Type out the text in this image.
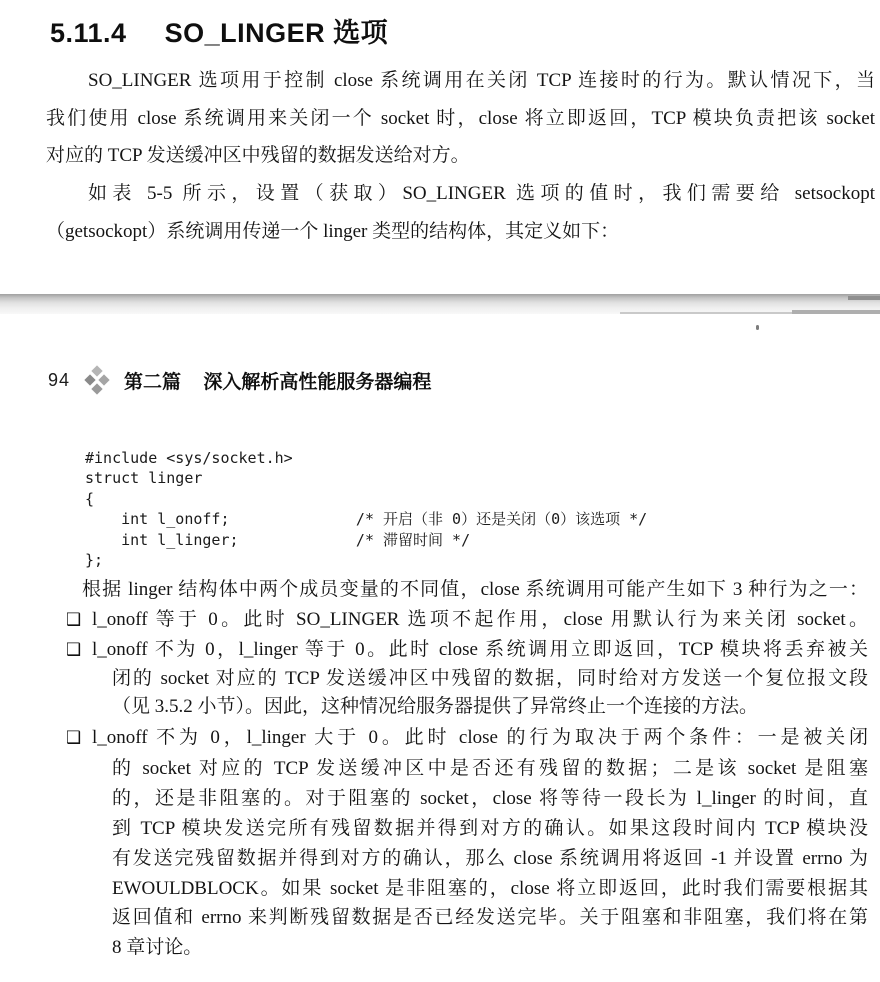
5.11.4 SO_LINGER 选项
SO_LINGER 选项用于控制 close 系统调用在关闭 TCP 连接时的行为。默认情况下，当
我们使用 close 系统调用来关闭一个 socket 时，close 将立即返回，TCP 模块负责把该 socket
对应的 TCP 发送缓冲区中残留的数据发送给对方。
如表 5-5 所示，设置（获取）SO_LINGER 选项的值时，我们需要给 setsockopt
（getsockopt）系统调用传递一个 linger 类型的结构体，其定义如下：
94	第二篇 深入解析高性能服务器编程
#include <sys/socket.h>
struct linger
{
int l_onoff;              /* 开启（非 0）还是关闭（0）该选项 */
int l_linger;             /* 滞留时间 */
};
根据 linger 结构体中两个成员变量的不同值，close 系统调用可能产生如下 3 种行为之一：
❑ l_onoff 等于 0。此时 SO_LINGER 选项不起作用，close 用默认行为来关闭 socket。
❑ l_onoff 不为 0，l_linger 等于 0。此时 close 系统调用立即返回，TCP 模块将丢弃被关
闭的 socket 对应的 TCP 发送缓冲区中残留的数据，同时给对方发送一个复位报文段
（见 3.5.2 小节）。因此，这种情况给服务器提供了异常终止一个连接的方法。
❑ l_onoff 不为 0，l_linger 大于 0。此时 close 的行为取决于两个条件：一是被关闭
的 socket 对应的 TCP 发送缓冲区中是否还有残留的数据；二是该 socket 是阻塞
的，还是非阻塞的。对于阻塞的 socket，close 将等待一段长为 l_linger 的时间，直
到 TCP 模块发送完所有残留数据并得到对方的确认。如果这段时间内 TCP 模块没
有发送完残留数据并得到对方的确认，那么 close 系统调用将返回 -1 并设置 errno 为
EWOULDBLOCK。如果 socket 是非阻塞的，close 将立即返回，此时我们需要根据其
返回值和 errno 来判断残留数据是否已经发送完毕。关于阻塞和非阻塞，我们将在第
8 章讨论。
